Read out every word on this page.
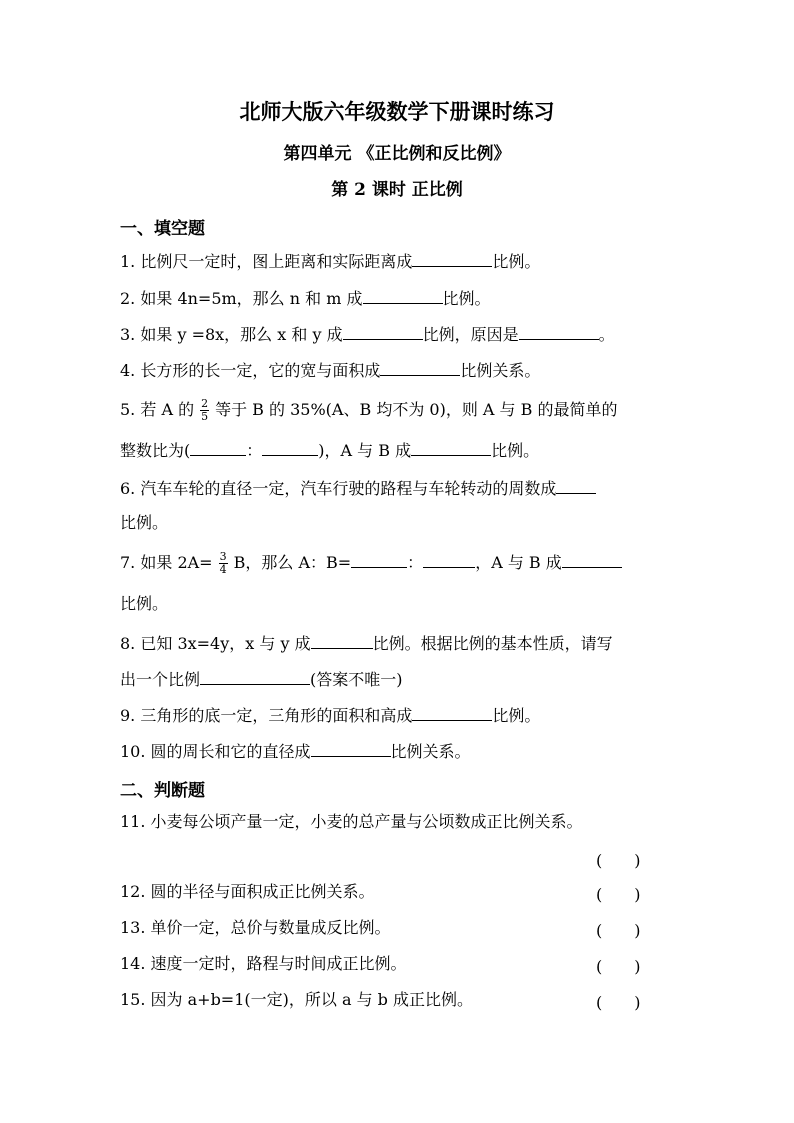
北师大版六年级数学下册课时练习
第四单元 《正比例和反比例》
第 2 课时 正比例
一、填空题
1. 比例尺一定时，图上距离和实际距离成	比例。
2. 如果 4n=5m，那么 n 和 m 成	比例。
3. 如果 y =8x，那么 x 和 y 成	比例，原因是	。
4. 长方形的长一定，它的宽与面积成	比例关系。
5. 若 A 的 $\frac{2}{5}$ 等于 B 的 35%(A、B 均不为 0)，则 A 与 B 的最简单的
整数比为(	：	)，A 与 B 成	比例。
6. 汽车车轮的直径一定，汽车行驶的路程与车轮转动的周数成
比例。
7. 如果 $2A= \frac{3}{4}$ B，那么 A：B=	：	，A 与 B 成
比例。
8. 已知 3x=4y，x 与 y 成	比例。根据比例的基本性质，请写
出一个比例	(答案不唯一)
9. 三角形的底一定，三角形的面积和高成	比例。
10. 圆的周长和它的直径成	比例关系。
二、判断题
11. 小麦每公顷产量一定，小麦的总产量与公顷数成正比例关系。
(　　)
12. 圆的半径与面积成正比例关系。	(　　)
13. 单价一定，总价与数量成反比例。	(　　)
14. 速度一定时，路程与时间成正比例。	(　　)
15. 因为 a+b=1(一定)，所以 a 与 b 成正比例。	(　　)
